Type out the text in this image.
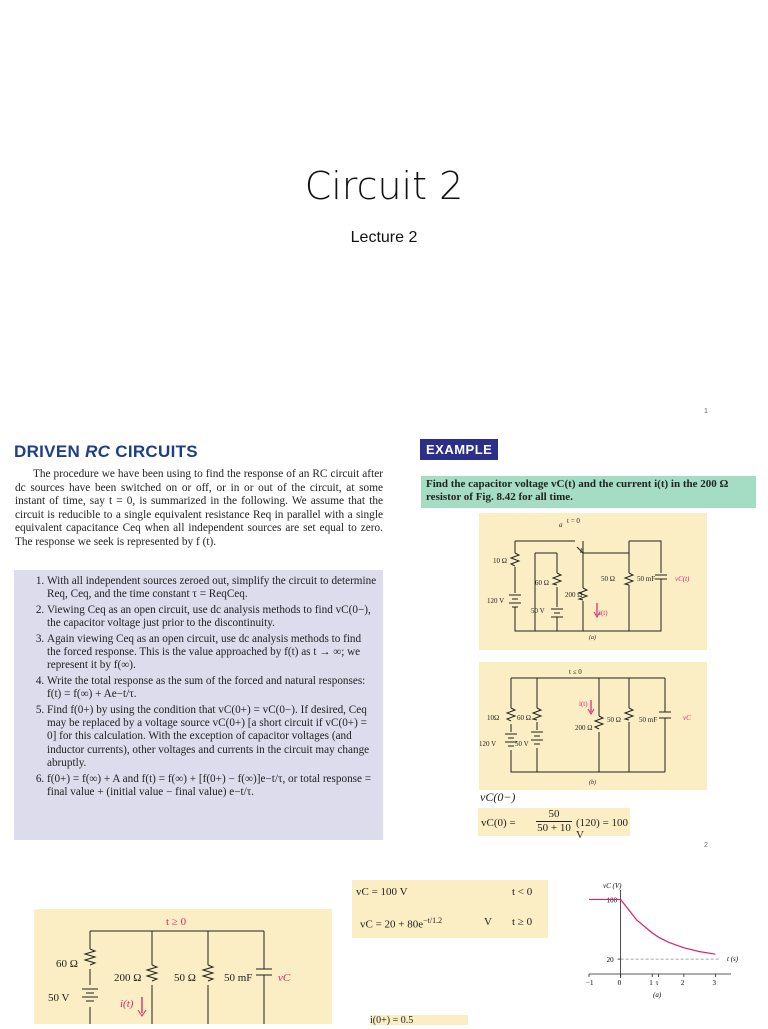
Circuit 2
Lecture 2
1
DRIVEN RC CIRCUITS
The procedure we have been using to find the response of an RC circuit after dc sources have been switched on or off, or in or out of the circuit, at some instant of time, say t = 0, is summarized in the following. We assume that the circuit is reducible to a single equivalent resistance Req in parallel with a single equivalent capacitance Ceq when all independent sources are set equal to zero. The response we seek is represented by f (t).
1. With all independent sources zeroed out, simplify the circuit to determine Req, Ceq, and the time constant τ = ReqCeq.
2. Viewing Ceq as an open circuit, use dc analysis methods to find vC(0−), the capacitor voltage just prior to the discontinuity.
3. Again viewing Ceq as an open circuit, use dc analysis methods to find the forced response. This is the value approached by f(t) as t → ∞; we represent it by f(∞).
4. Write the total response as the sum of the forced and natural responses: f(t) = f(∞) + Ae−t/τ.
5. Find f(0+) by using the condition that vC(0+) = vC(0−). If desired, Ceq may be replaced by a voltage source vC(0+) [a short circuit if vC(0+) = 0] for this calculation. With the exception of capacitor voltages (and inductor currents), other voltages and currents in the circuit may change abruptly.
6. f(0+) = f(∞) + A and f(t) = f(∞) + [f(0+) − f(∞)]e−t/τ, or total response = final value + (initial value − final value) e−t/τ.
EXAMPLE
Find the capacitor voltage vC(t) and the current i(t) in the 200 Ω resistor of Fig. 8.42 for all time.
t = 0
a
b
10 Ω
60 Ω
200 Ω
50 Ω	50 mF
120 V
50 V	i(t)
vC(t)
(a)
t ≤ 0
10Ω	60 Ω
200 Ω
50 Ω	50 mF
120 V	50 V
i(t)
vC
(b)
vC(0−)
vC(0) =
50
50 + 10 (120) = 100 V
2
t ≥ 0
60 Ω
200 Ω	50 Ω	50 mF
50 V	i(t)
vC
vC = 100 V	t < 0
vC = $20 + 80e^{-t/1.2}$	V t ≥ 0
vC (V)
t (s)
(a)
100
20
−1	0	1 τ	2	3
i(0+) = 0.5
